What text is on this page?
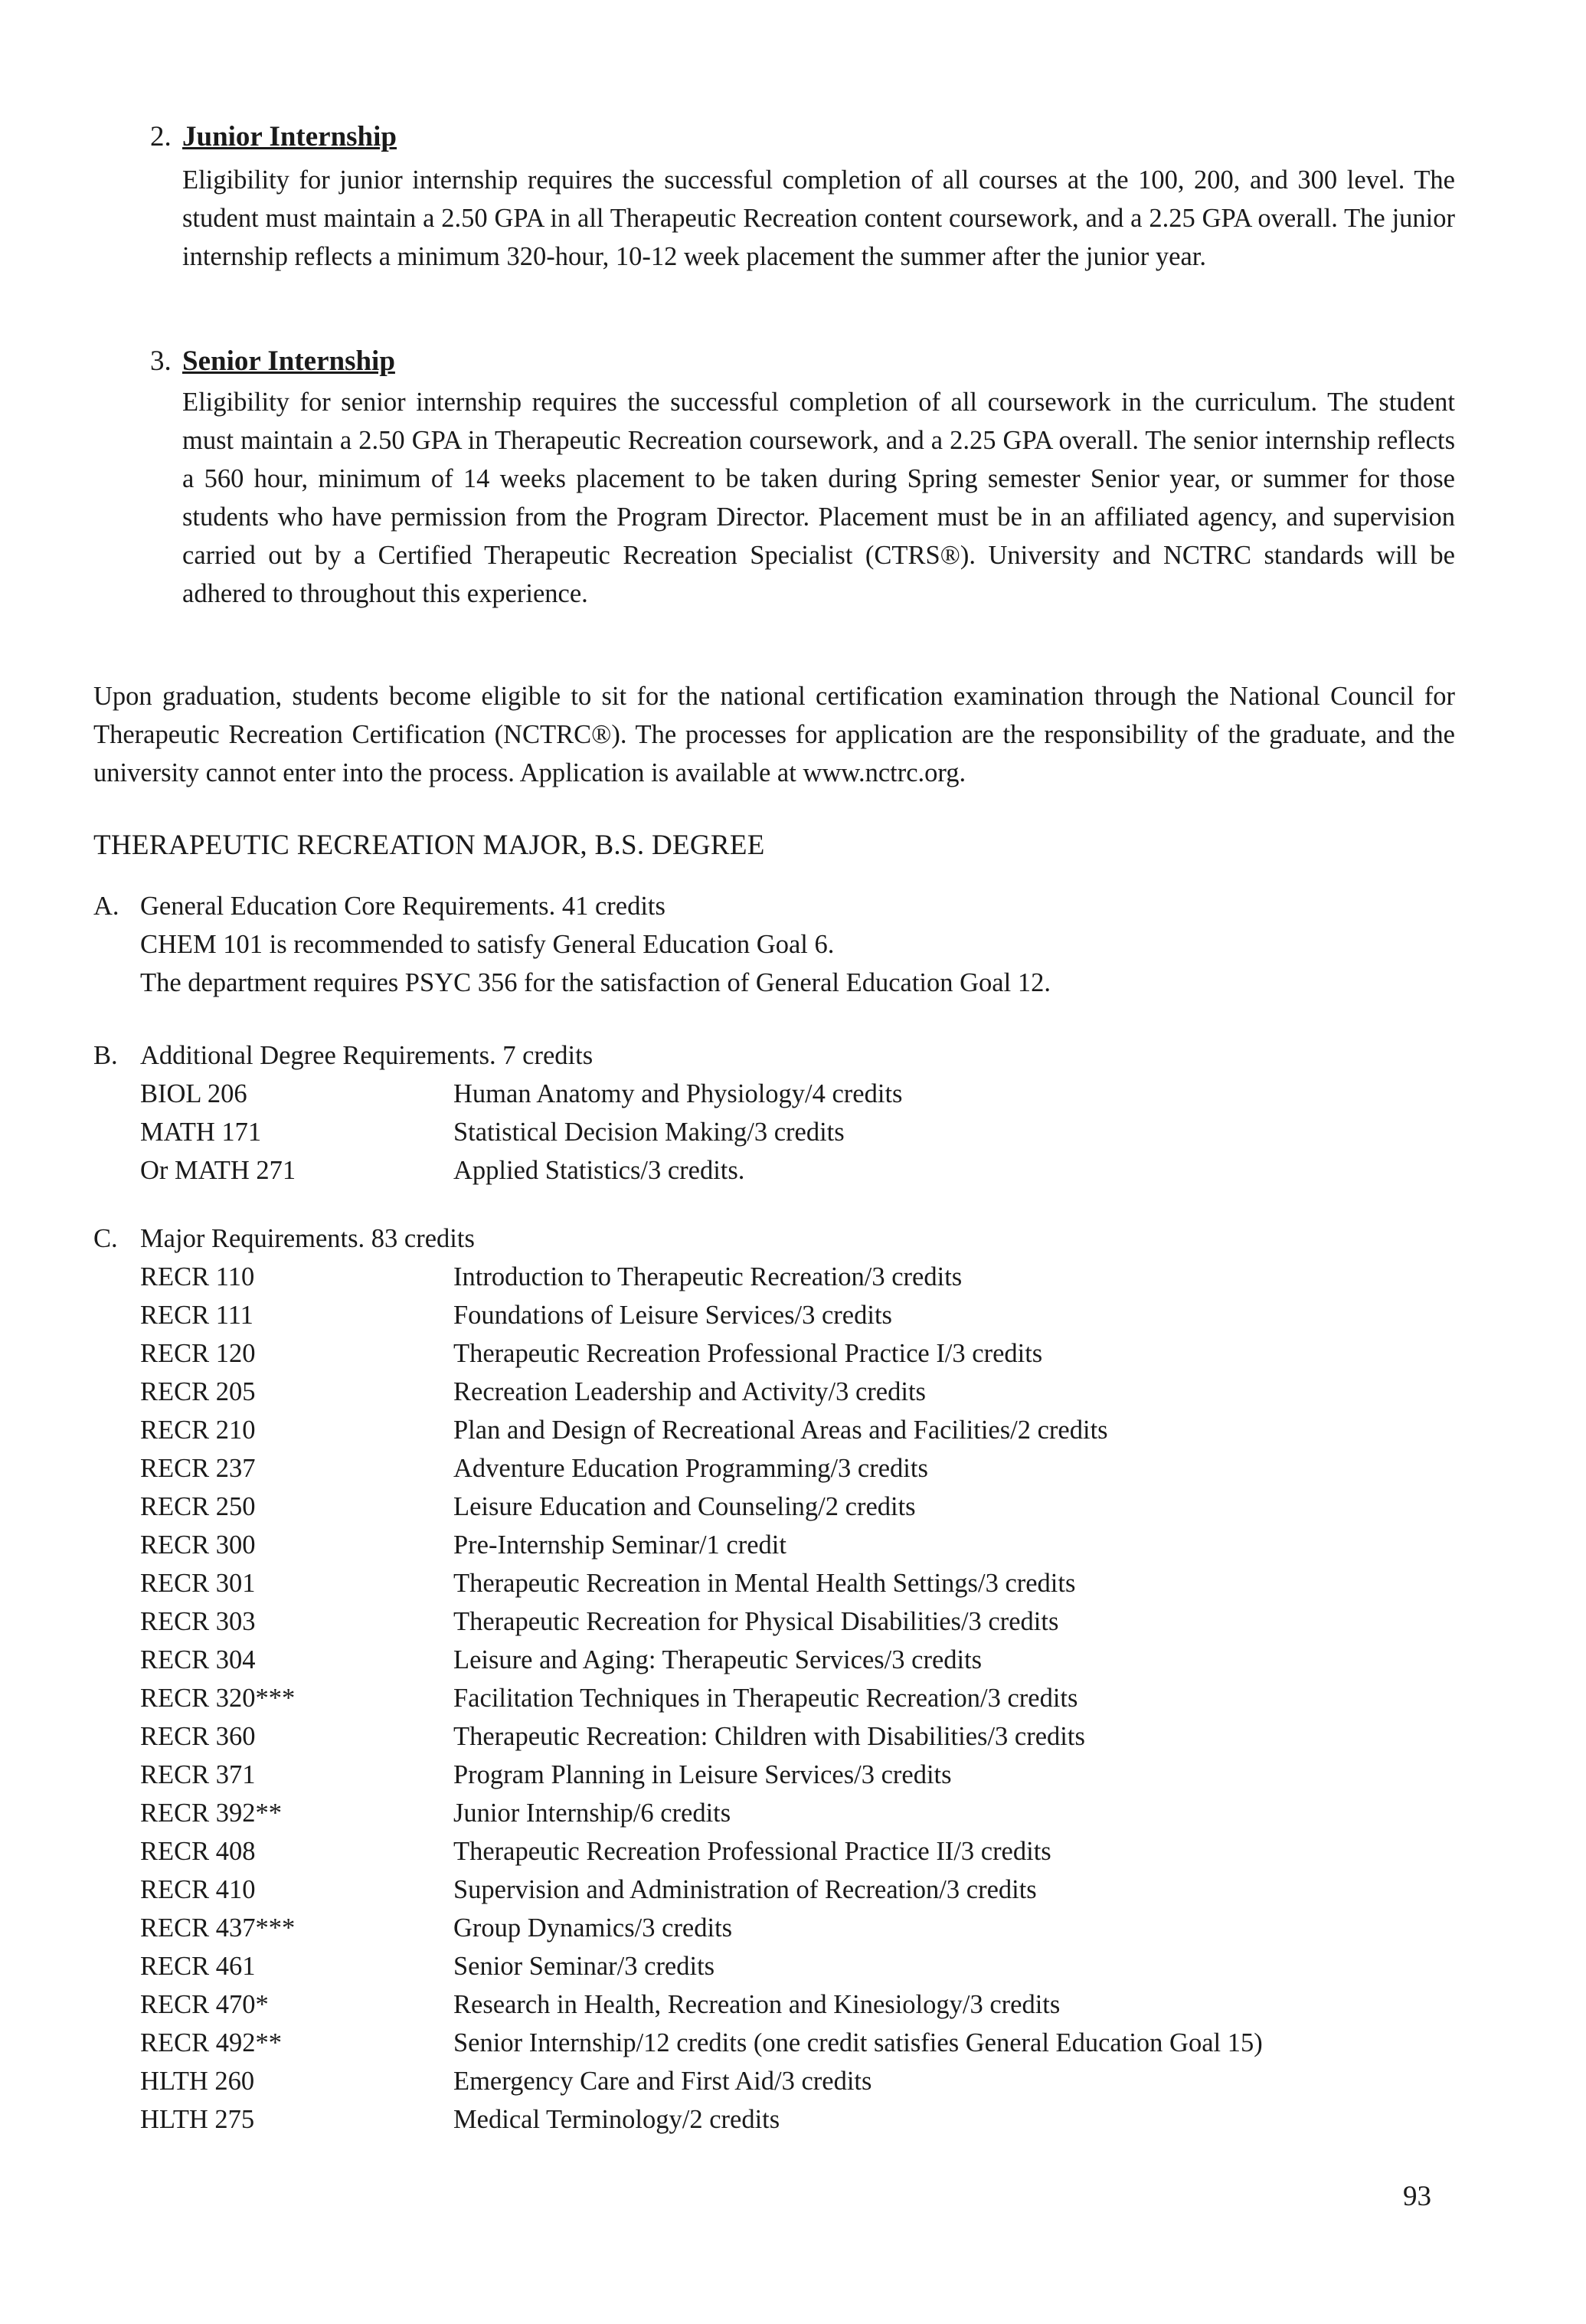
2. Junior Internship

Eligibility for junior internship requires the successful completion of all courses at the 100, 200, and 300 level. The student must maintain a 2.50 GPA in all Therapeutic Recreation content coursework, and a 2.25 GPA overall. The junior internship reflects a minimum 320-hour, 10-12 week placement the summer after the junior year.

3. Senior Internship

Eligibility for senior internship requires the successful completion of all coursework in the curriculum. The student must maintain a 2.50 GPA in Therapeutic Recreation coursework, and a 2.25 GPA overall. The senior internship reflects a 560 hour, minimum of 14 weeks placement to be taken during Spring semester Senior year, or summer for those students who have permission from the Program Director. Placement must be in an affiliated agency, and supervision carried out by a Certified Therapeutic Recreation Specialist (CTRS®). University and NCTRC standards will be adhered to throughout this experience.

Upon graduation, students become eligible to sit for the national certification examination through the National Council for Therapeutic Recreation Certification (NCTRC®). The processes for application are the responsibility of the graduate, and the university cannot enter into the process. Application is available at www.nctrc.org.

THERAPEUTIC RECREATION MAJOR, B.S. DEGREE
A. General Education Core Requirements. 41 credits
CHEM 101 is recommended to satisfy General Education Goal 6.
The department requires PSYC 356 for the satisfaction of General Education Goal 12.
B. Additional Degree Requirements. 7 credits
BIOL 206	Human Anatomy and Physiology/4 credits
MATH 171	Statistical Decision Making/3 credits
Or MATH 271	Applied Statistics/3 credits.
C. Major Requirements. 83 credits
RECR 110	Introduction to Therapeutic Recreation/3 credits
RECR 111	Foundations of Leisure Services/3 credits
RECR 120	Therapeutic Recreation Professional Practice I/3 credits
RECR 205	Recreation Leadership and Activity/3 credits
RECR 210	Plan and Design of Recreational Areas and Facilities/2 credits
RECR 237	Adventure Education Programming/3 credits
RECR 250	Leisure Education and Counseling/2 credits
RECR 300	Pre-Internship Seminar/1 credit
RECR 301	Therapeutic Recreation in Mental Health Settings/3 credits
RECR 303	Therapeutic Recreation for Physical Disabilities/3 credits
RECR 304	Leisure and Aging: Therapeutic Services/3 credits
RECR 320***	Facilitation Techniques in Therapeutic Recreation/3 credits
RECR 360	Therapeutic Recreation: Children with Disabilities/3 credits
RECR 371	Program Planning in Leisure Services/3 credits
RECR 392**	Junior Internship/6 credits
RECR 408	Therapeutic Recreation Professional Practice II/3 credits
RECR 410	Supervision and Administration of Recreation/3 credits
RECR 437***	Group Dynamics/3 credits
RECR 461	Senior Seminar/3 credits
RECR 470*	Research in Health, Recreation and Kinesiology/3 credits
RECR 492**	Senior Internship/12 credits (one credit satisfies General Education Goal 15)
HLTH 260	Emergency Care and First Aid/3 credits
HLTH 275	Medical Terminology/2 credits
93
